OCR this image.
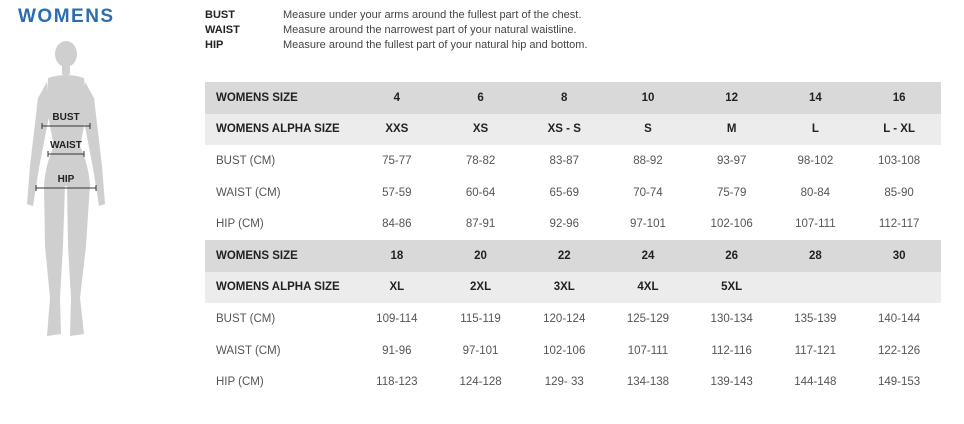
WOMENS
BUST
WAIST
HIP
BUST	Measure under your arms around the fullest part of the chest.
WAIST	Measure around the narrowest part of your natural waistline.
HIP	Measure around the fullest part of your natural hip and bottom.
WOMENS SIZE	4	6	8	10	12	14	16
WOMENS ALPHA SIZE	XXS	XS	XS - S	S	M	L	L - XL
BUST (CM)	75-77	78-82	83-87	88-92	93-97	98-102	103-108
WAIST (CM)	57-59	60-64	65-69	70-74	75-79	80-84	85-90
HIP (CM)	84-86	87-91	92-96	97-101	102-106	107-111	112-117
WOMENS SIZE	18	20	22	24	26	28	30
WOMENS ALPHA SIZE	XL	2XL	3XL	4XL	5XL		
BUST (CM)	109-114	115-119	120-124	125-129	130-134	135-139	140-144
WAIST (CM)	91-96	97-101	102-106	107-111	112-116	117-121	122-126
HIP (CM)	118-123	124-128	129- 33	134-138	139-143	144-148	149-153
